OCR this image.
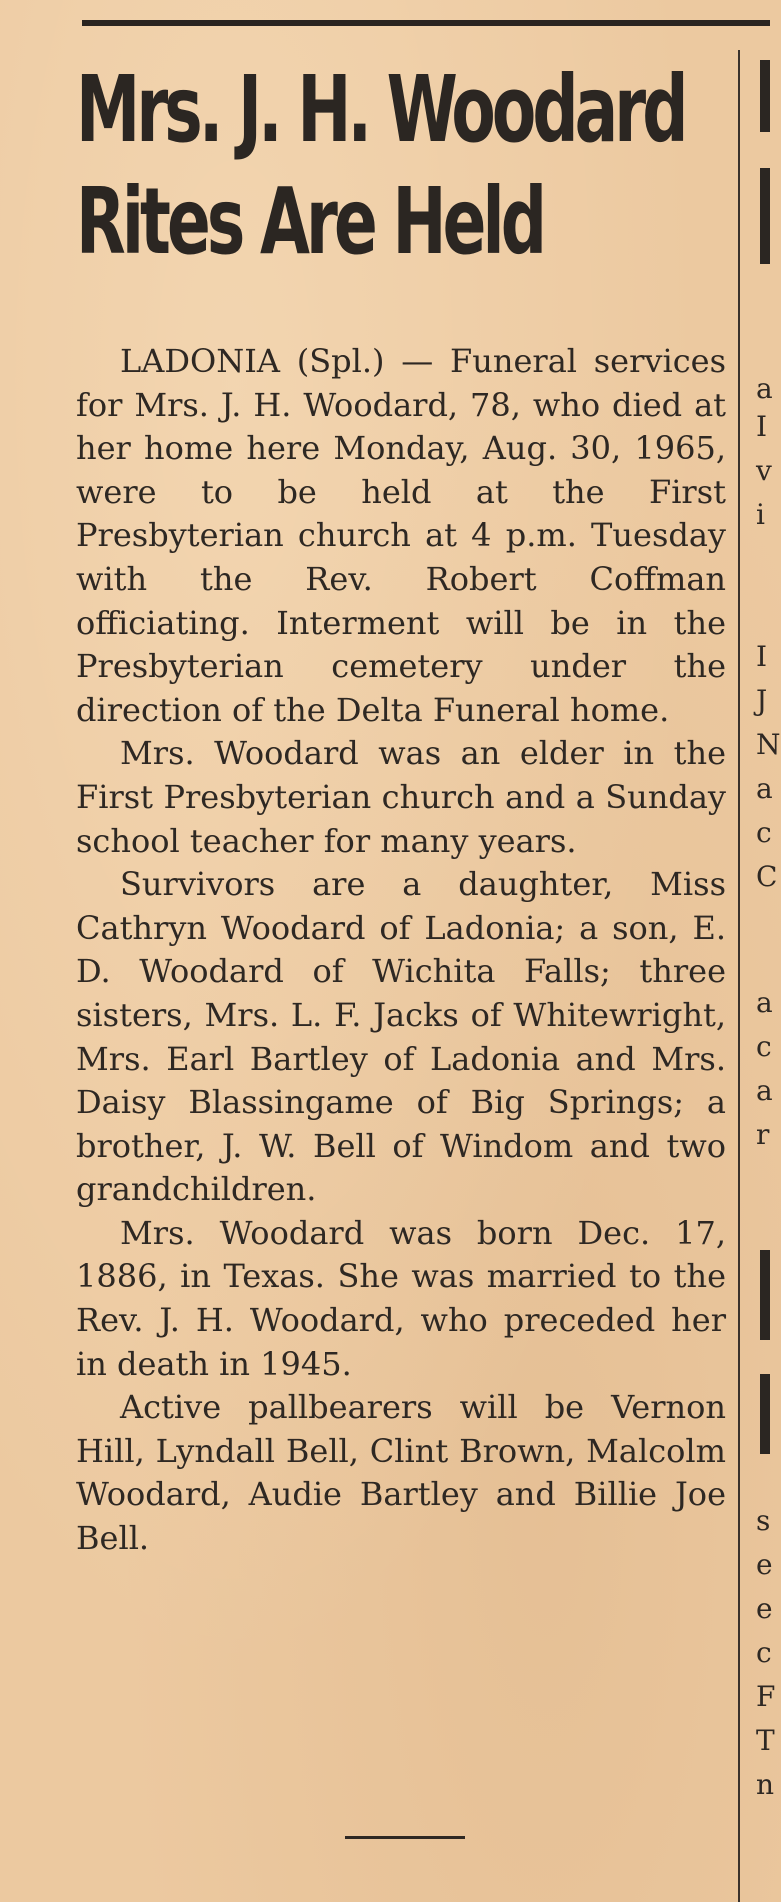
Mrs. J. H. Woodard
Rites Are Held

LADONIA (Spl.) — Funeral services for Mrs. J. H. Woodard, 78, who died at her home here Monday, Aug. 30, 1965, were to be held at the First Presbyterian church at 4 p.m. Tuesday with the Rev. Robert Coffman officiating. Interment will be in the Presbyterian cemetery under the direction of the Delta Funeral home.

Mrs. Woodard was an elder in the First Presbyterian church and a Sunday school teacher for many years.

Survivors are a daughter, Miss Cathryn Woodard of Ladonia; a son, E. D. Woodard of Wichita Falls; three sisters, Mrs. L. F. Jacks of Whitewright, Mrs. Earl Bartley of Ladonia and Mrs. Daisy Blassingame of Big Springs; a brother, J. W. Bell of Windom and two grandchildren.

Mrs. Woodard was born Dec. 17, 1886, in Texas. She was married to the Rev. J. H. Woodard, who preceded her in death in 1945.

Active pallbearers will be Vernon Hill, Lyndall Bell, Clint Brown, Malcolm Woodard, Audie Bartley and Billie Joe Bell.

a
I
v
i
I
J
N
a
c
C
a
c
a
r
s
e
e
c
F
T
n
